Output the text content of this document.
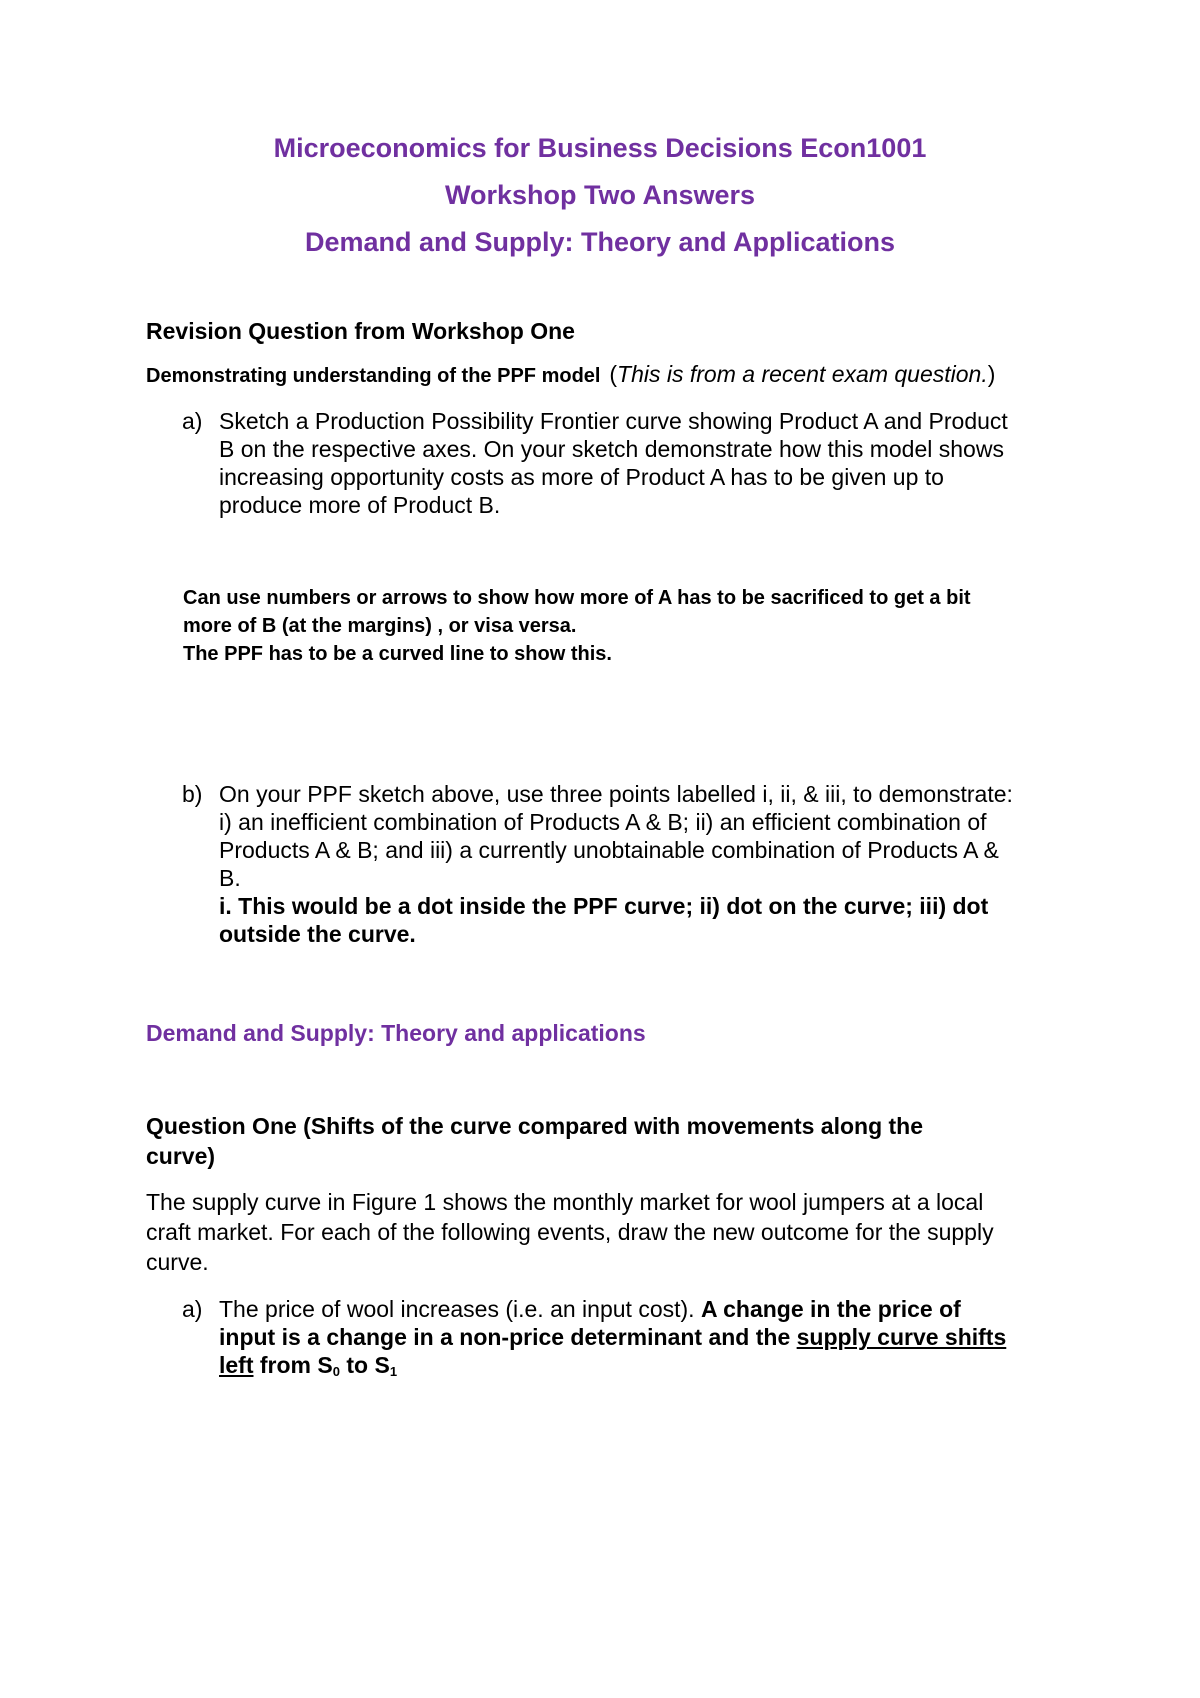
Microeconomics for Business Decisions Econ1001
Workshop Two Answers
Demand and Supply: Theory and Applications
Revision Question from Workshop One
Demonstrating understanding of the PPF model (This is from a recent exam question.)
a) Sketch a Production Possibility Frontier curve showing Product A and Product
B on the respective axes. On your sketch demonstrate how this model shows
increasing opportunity costs as more of Product A has to be given up to
produce more of Product B.
Can use numbers or arrows to show how more of A has to be sacrificed to get a bit
more of B (at the margins) , or visa versa.
The PPF has to be a curved line to show this.
b) On your PPF sketch above, use three points labelled i, ii, & iii, to demonstrate:
i) an inefficient combination of Products A & B; ii) an efficient combination of
Products A & B; and iii) a currently unobtainable combination of Products A &
B.
i. This would be a dot inside the PPF curve; ii) dot on the curve; iii) dot
outside the curve.
Demand and Supply: Theory and applications
Question One (Shifts of the curve compared with movements along the
curve)
The supply curve in Figure 1 shows the monthly market for wool jumpers at a local
craft market. For each of the following events, draw the new outcome for the supply
curve.
a) The price of wool increases (i.e. an input cost). A change in the price of
input is a change in a non-price determinant and the supply curve shifts
left from $S_0$ to $S_1$
